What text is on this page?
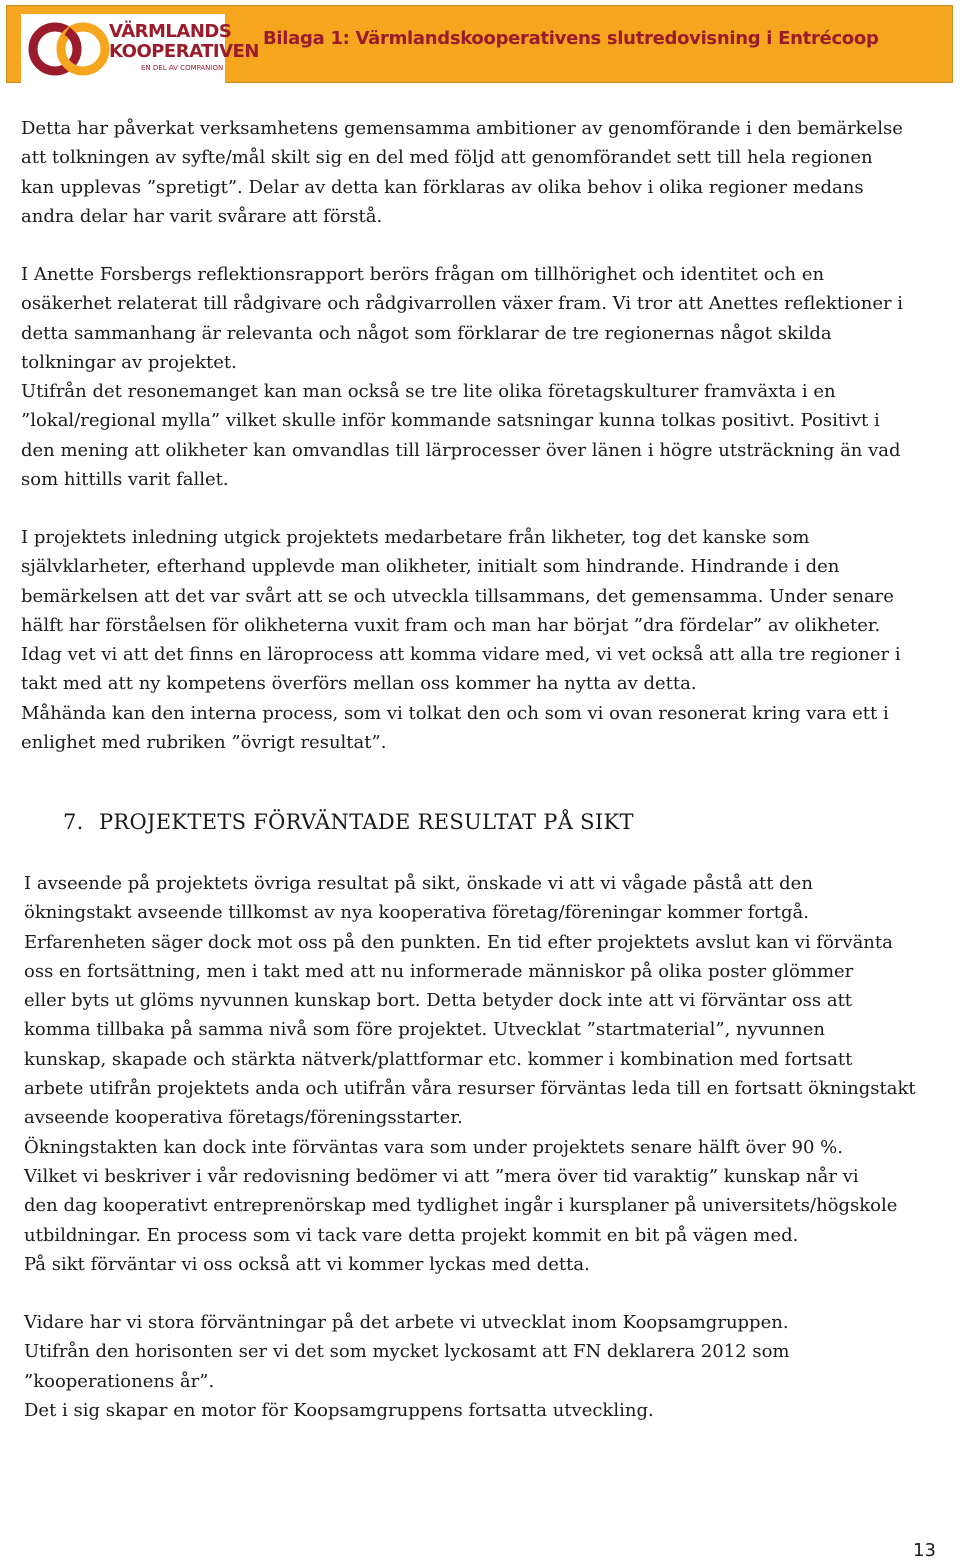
VÄRMLANDS
KOOPERATIVEN
EN DEL AV COMPANION
Bilaga 1: Värmlandskooperativens slutredovisning i Entrécoop

Detta har påverkat verksamhetens gemensamma ambitioner av genomförande i den bemärkelse

att tolkningen av syfte/mål skilt sig en del med följd att genomförandet sett till hela regionen

kan upplevas ”spretigt”. Delar av detta kan förklaras av olika behov i olika regioner medans

andra delar har varit svårare att förstå.

I Anette Forsbergs reflektionsrapport berörs frågan om tillhörighet och identitet och en

osäkerhet relaterat till rådgivare och rådgivarrollen växer fram. Vi tror att Anettes reflektioner i

detta sammanhang är relevanta och något som förklarar de tre regionernas något skilda

tolkningar av projektet.

Utifrån det resonemanget kan man också se tre lite olika företagskulturer framväxta i en

”lokal/regional mylla” vilket skulle inför kommande satsningar kunna tolkas positivt. Positivt i

den mening att olikheter kan omvandlas till lärprocesser över länen i högre utsträckning än vad

som hittills varit fallet.

I projektets inledning utgick projektets medarbetare från likheter, tog det kanske som

självklarheter, efterhand upplevde man olikheter, initialt som hindrande. Hindrande i den

bemärkelsen att det var svårt att se och utveckla tillsammans, det gemensamma. Under senare

hälft har förståelsen för olikheterna vuxit fram och man har börjat ”dra fördelar” av olikheter.

Idag vet vi att det finns en läroprocess att komma vidare med, vi vet också att alla tre regioner i

takt med att ny kompetens överförs mellan oss kommer ha nytta av detta.

Måhända kan den interna process, som vi tolkat den och som vi ovan resonerat kring vara ett i

enlighet med rubriken ”övrigt resultat”.

7. PROJEKTETS FÖRVÄNTADE RESULTAT PÅ SIKT

I avseende på projektets övriga resultat på sikt, önskade vi att vi vågade påstå att den

ökningstakt avseende tillkomst av nya kooperativa företag/föreningar kommer fortgå.

Erfarenheten säger dock mot oss på den punkten. En tid efter projektets avslut kan vi förvänta

oss en fortsättning, men i takt med att nu informerade människor på olika poster glömmer

eller byts ut glöms nyvunnen kunskap bort. Detta betyder dock inte att vi förväntar oss att

komma tillbaka på samma nivå som före projektet. Utvecklat ”startmaterial”, nyvunnen

kunskap, skapade och stärkta nätverk/plattformar etc. kommer i kombination med fortsatt

arbete utifrån projektets anda och utifrån våra resurser förväntas leda till en fortsatt ökningstakt

avseende kooperativa företags/föreningsstarter.

Ökningstakten kan dock inte förväntas vara som under projektets senare hälft över 90 %.

Vilket vi beskriver i vår redovisning bedömer vi att ”mera över tid varaktig” kunskap når vi

den dag kooperativt entreprenörskap med tydlighet ingår i kursplaner på universitets/högskole

utbildningar. En process som vi tack vare detta projekt kommit en bit på vägen med.

På sikt förväntar vi oss också att vi kommer lyckas med detta.

Vidare har vi stora förväntningar på det arbete vi utvecklat inom Koopsamgruppen.

Utifrån den horisonten ser vi det som mycket lyckosamt att FN deklarera 2012 som

”kooperationens år”.

Det i sig skapar en motor för Koopsamgruppens fortsatta utveckling.

13
